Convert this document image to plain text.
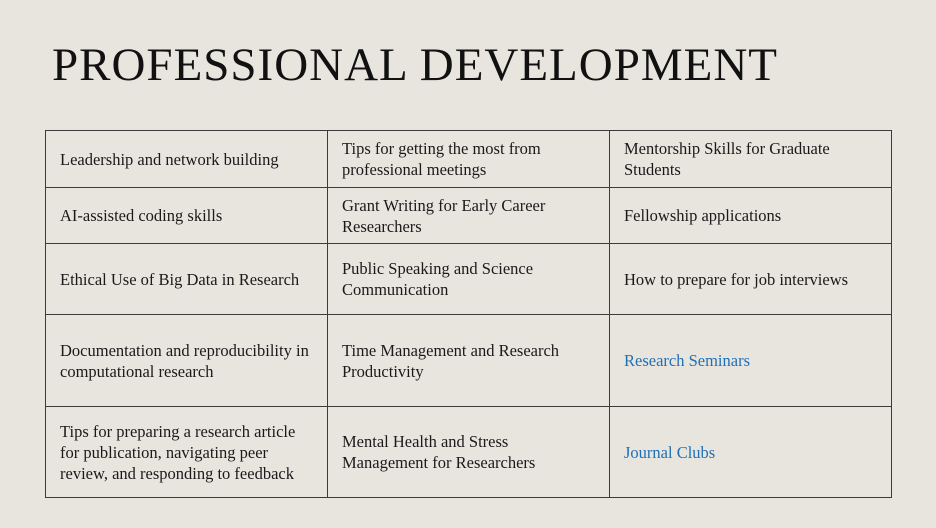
PROFESSIONAL DEVELOPMENT
Leadership and network building	Tips for getting the most from professional meetings	Mentorship Skills for Graduate Students
AI-assisted coding skills	Grant Writing for Early Career Researchers	Fellowship applications
Ethical Use of Big Data in Research	Public Speaking and Science Communication	How to prepare for job interviews
Documentation and reproducibility in computational research	Time Management and Research Productivity	Research Seminars
Tips for preparing a research article for publication, navigating peer review, and responding to feedback	Mental Health and Stress Management for Researchers	Journal Clubs
